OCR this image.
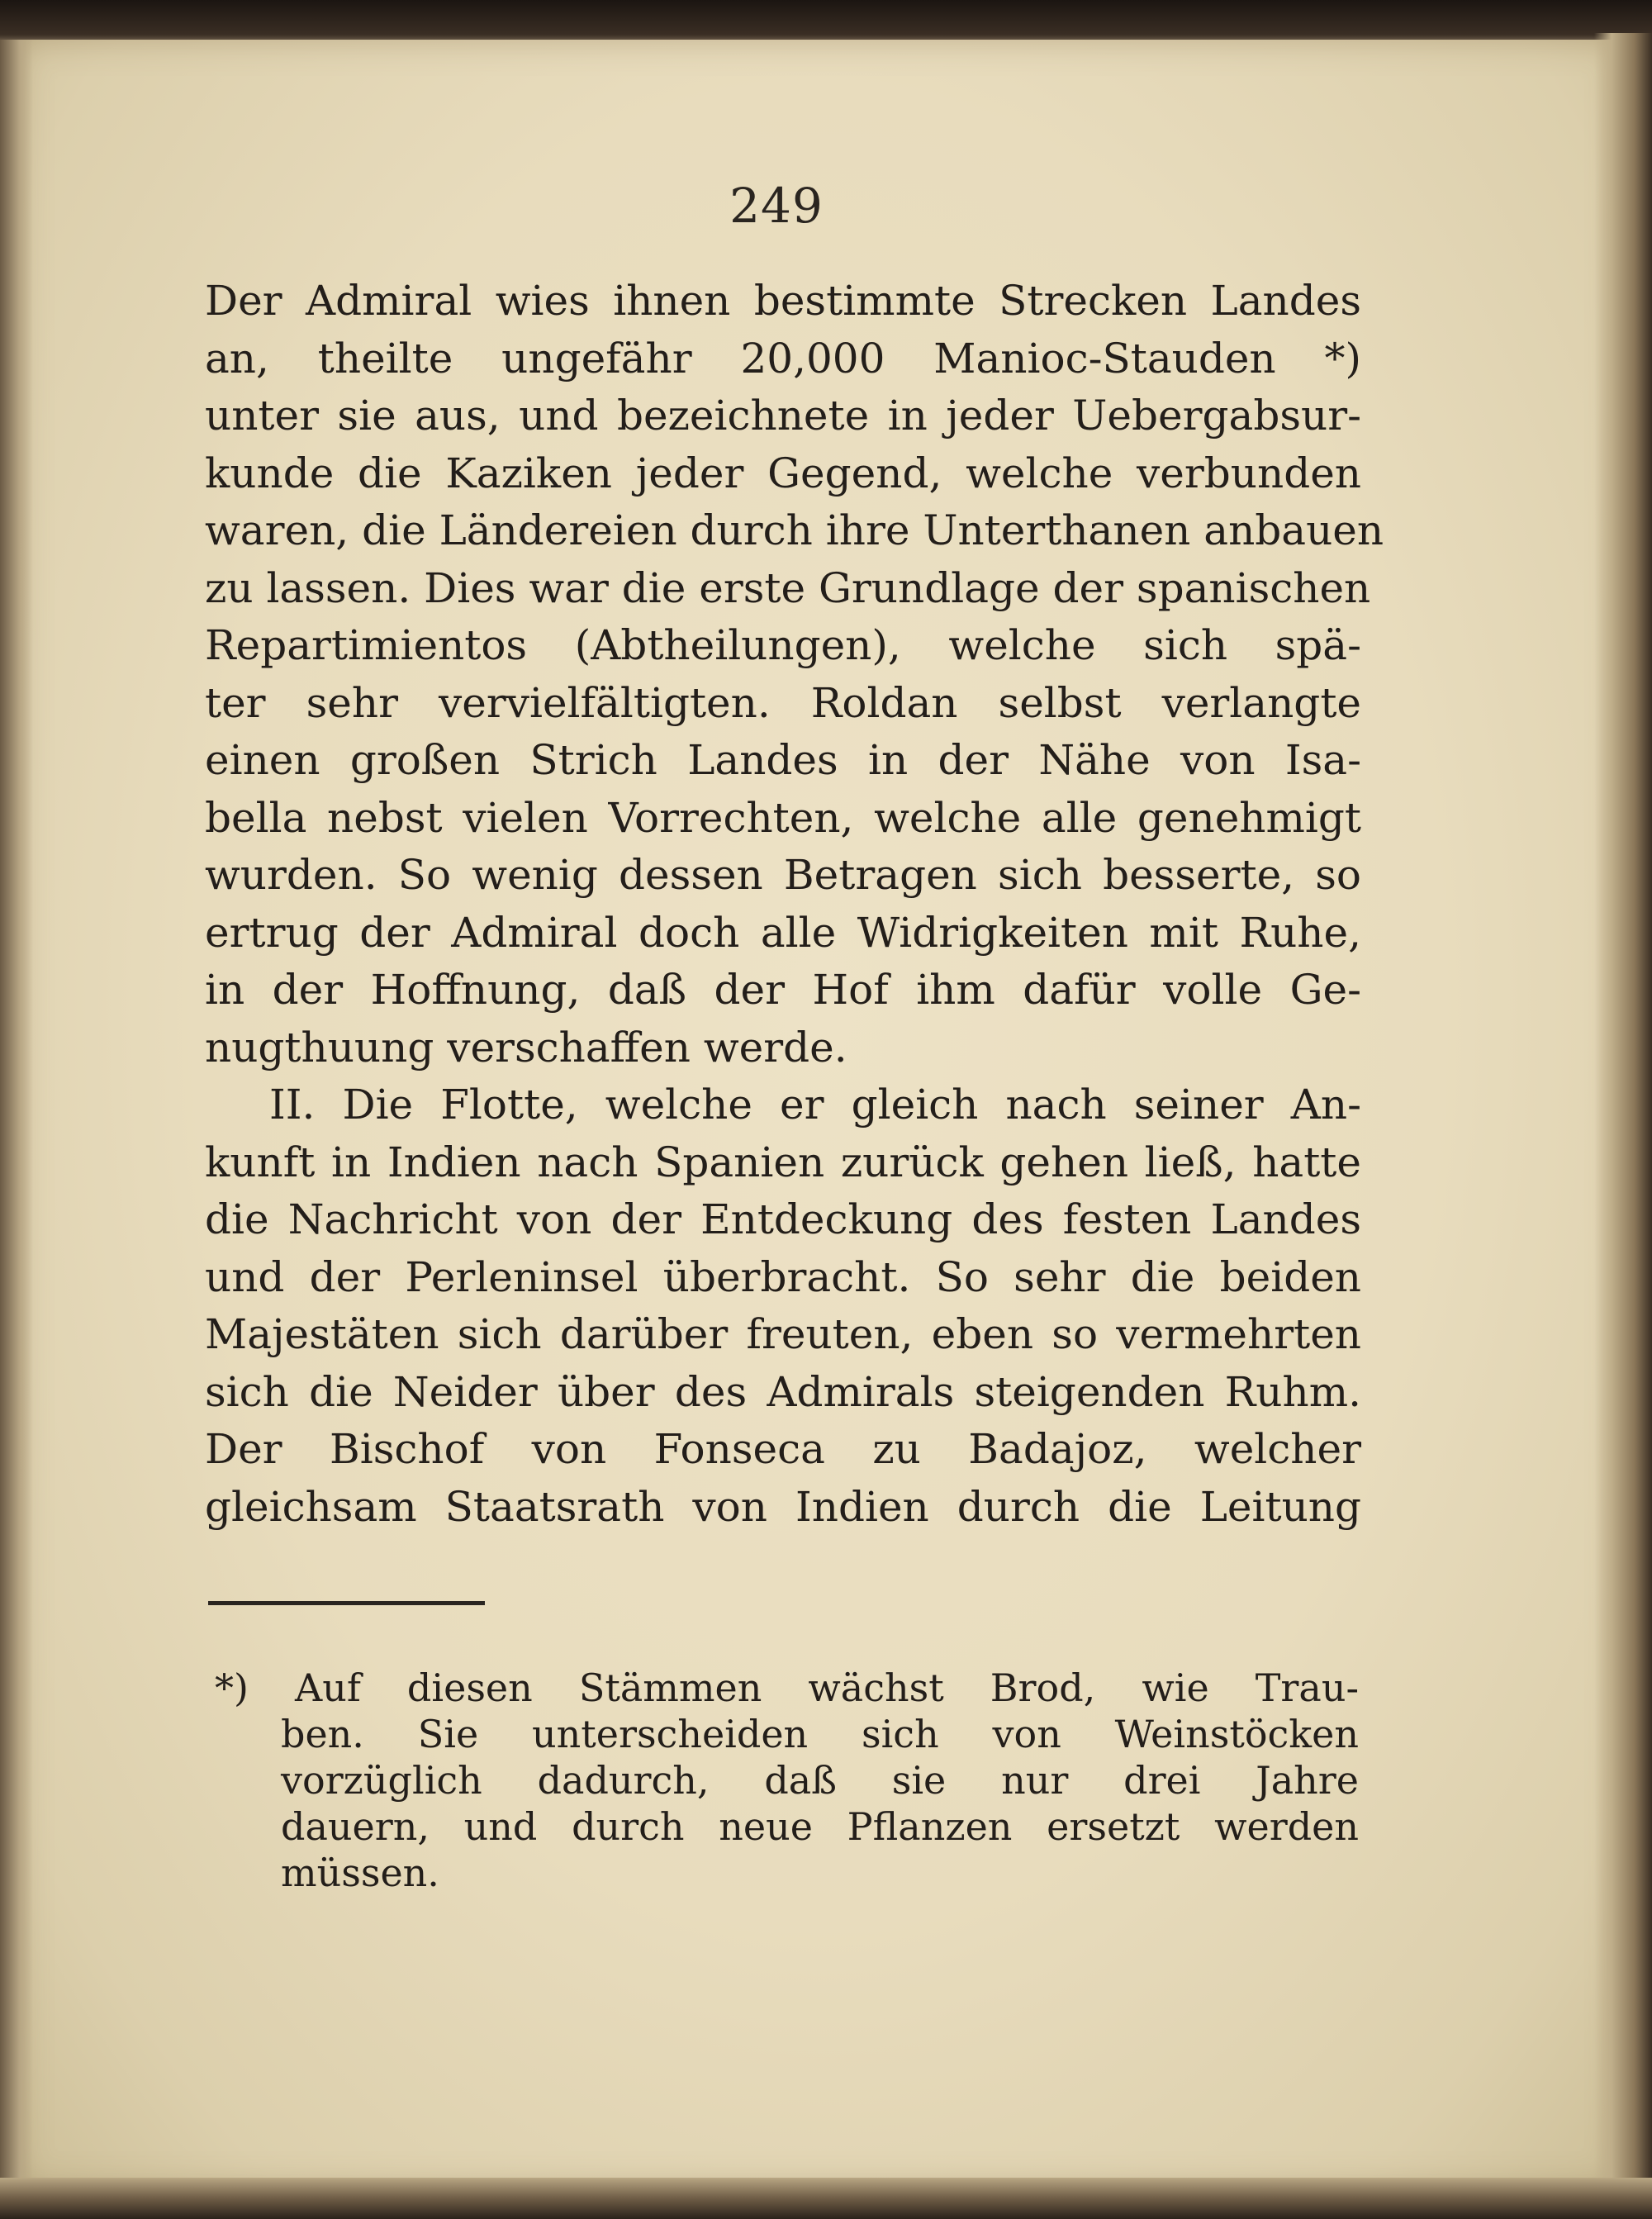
249
Der Admiral wies ihnen bestimmte Strecken Landes
an, theilte ungefähr 20,000 Manioc-Stauden *)
unter sie aus, und bezeichnete in jeder Uebergabsur-
kunde die Kaziken jeder Gegend, welche verbunden
waren, die Ländereien durch ihre Unterthanen anbauen
zu lassen. Dies war die erste Grundlage der spanischen
Repartimientos (Abtheilungen), welche sich spä-
ter sehr vervielfältigten. Roldan selbst verlangte
einen großen Strich Landes in der Nähe von Isa-
bella nebst vielen Vorrechten, welche alle genehmigt
wurden. So wenig dessen Betragen sich besserte, so
ertrug der Admiral doch alle Widrigkeiten mit Ruhe,
in der Hoffnung, daß der Hof ihm dafür volle Ge-
nugthuung verschaffen werde.
II. Die Flotte, welche er gleich nach seiner An-
kunft in Indien nach Spanien zurück gehen ließ, hatte
die Nachricht von der Entdeckung des festen Landes
und der Perleninsel überbracht. So sehr die beiden
Majestäten sich darüber freuten, eben so vermehrten
sich die Neider über des Admirals steigenden Ruhm.
Der Bischof von Fonseca zu Badajoz, welcher
gleichsam Staatsrath von Indien durch die Leitung
*) Auf diesen Stämmen wächst Brod, wie Trau-
ben. Sie unterscheiden sich von Weinstöcken
vorzüglich dadurch, daß sie nur drei Jahre
dauern, und durch neue Pflanzen ersetzt werden
müssen.
